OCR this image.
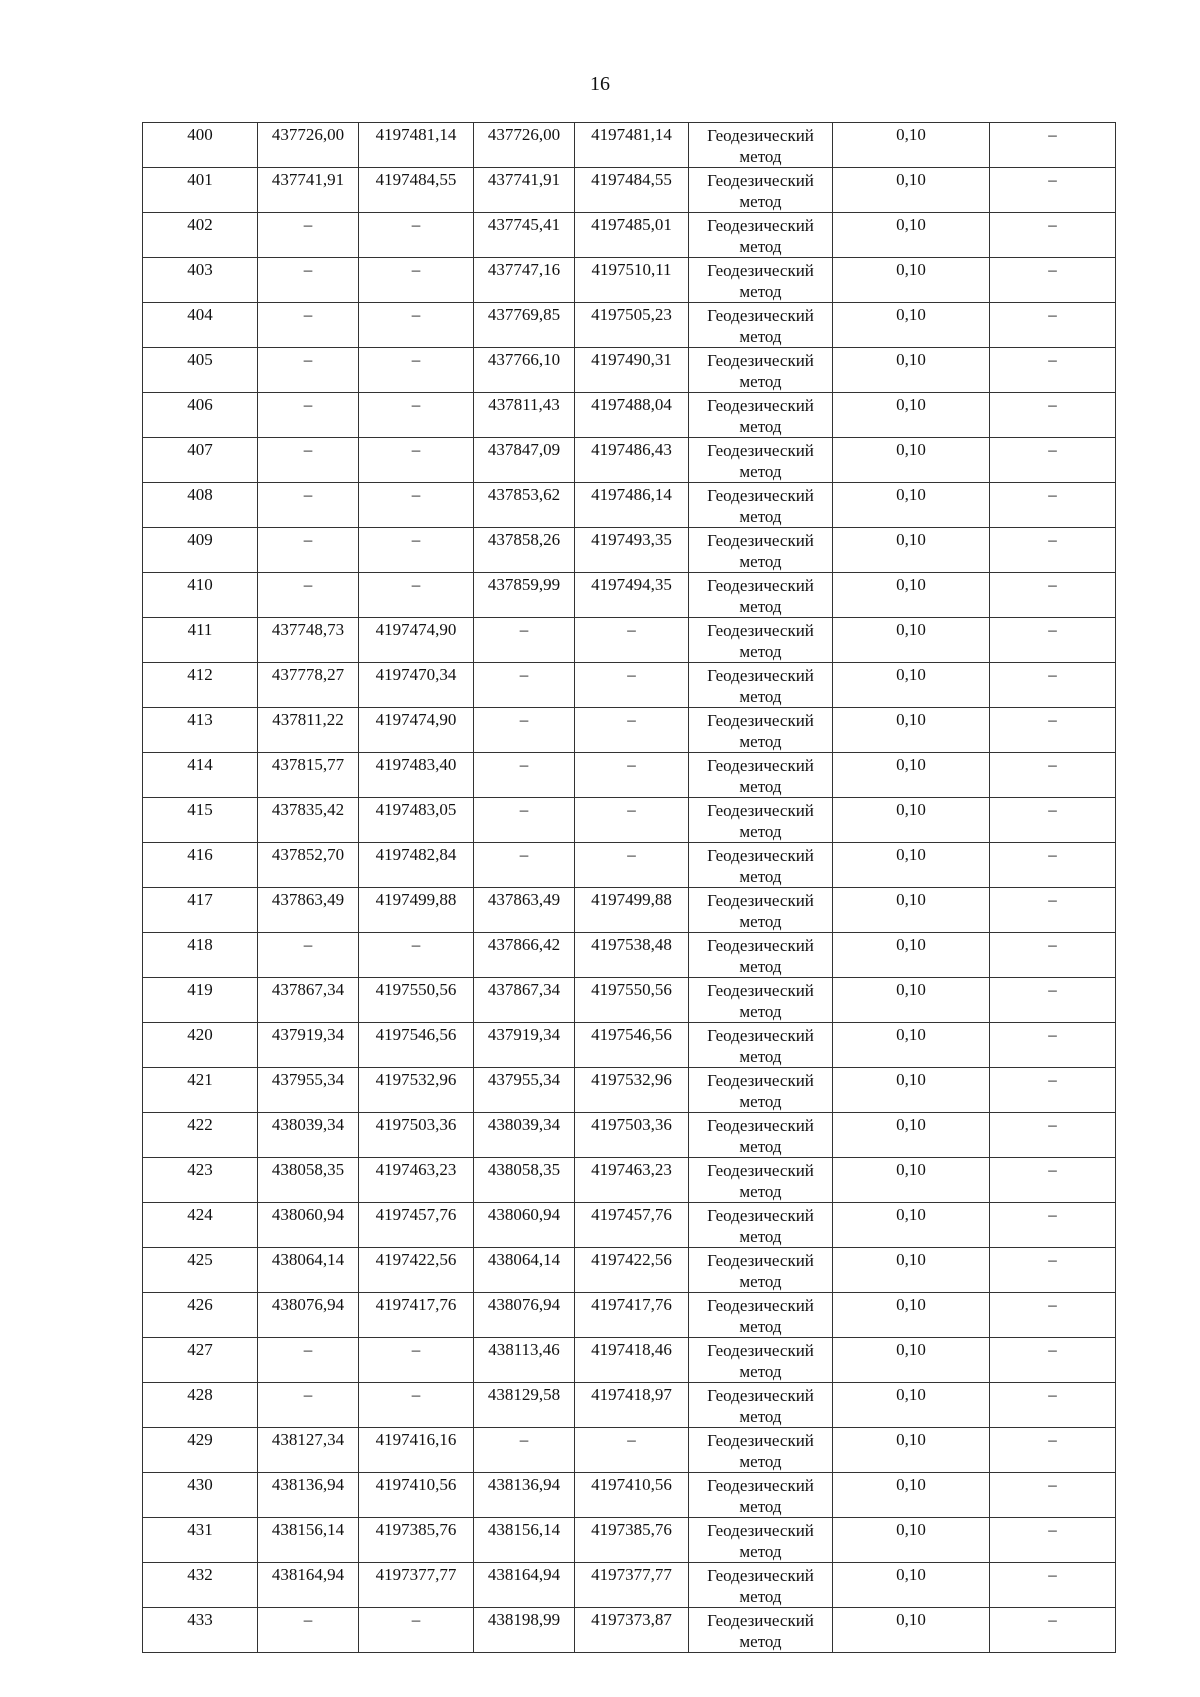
16
400	437726,00	4197481,14	437726,00	4197481,14	Геодезический метод	0,10	–
401	437741,91	4197484,55	437741,91	4197484,55	Геодезический метод	0,10	–
402	–	–	437745,41	4197485,01	Геодезический метод	0,10	–
403	–	–	437747,16	4197510,11	Геодезический метод	0,10	–
404	–	–	437769,85	4197505,23	Геодезический метод	0,10	–
405	–	–	437766,10	4197490,31	Геодезический метод	0,10	–
406	–	–	437811,43	4197488,04	Геодезический метод	0,10	–
407	–	–	437847,09	4197486,43	Геодезический метод	0,10	–
408	–	–	437853,62	4197486,14	Геодезический метод	0,10	–
409	–	–	437858,26	4197493,35	Геодезический метод	0,10	–
410	–	–	437859,99	4197494,35	Геодезический метод	0,10	–
411	437748,73	4197474,90	–	–	Геодезический метод	0,10	–
412	437778,27	4197470,34	–	–	Геодезический метод	0,10	–
413	437811,22	4197474,90	–	–	Геодезический метод	0,10	–
414	437815,77	4197483,40	–	–	Геодезический метод	0,10	–
415	437835,42	4197483,05	–	–	Геодезический метод	0,10	–
416	437852,70	4197482,84	–	–	Геодезический метод	0,10	–
417	437863,49	4197499,88	437863,49	4197499,88	Геодезический метод	0,10	–
418	–	–	437866,42	4197538,48	Геодезический метод	0,10	–
419	437867,34	4197550,56	437867,34	4197550,56	Геодезический метод	0,10	–
420	437919,34	4197546,56	437919,34	4197546,56	Геодезический метод	0,10	–
421	437955,34	4197532,96	437955,34	4197532,96	Геодезический метод	0,10	–
422	438039,34	4197503,36	438039,34	4197503,36	Геодезический метод	0,10	–
423	438058,35	4197463,23	438058,35	4197463,23	Геодезический метод	0,10	–
424	438060,94	4197457,76	438060,94	4197457,76	Геодезический метод	0,10	–
425	438064,14	4197422,56	438064,14	4197422,56	Геодезический метод	0,10	–
426	438076,94	4197417,76	438076,94	4197417,76	Геодезический метод	0,10	–
427	–	–	438113,46	4197418,46	Геодезический метод	0,10	–
428	–	–	438129,58	4197418,97	Геодезический метод	0,10	–
429	438127,34	4197416,16	–	–	Геодезический метод	0,10	–
430	438136,94	4197410,56	438136,94	4197410,56	Геодезический метод	0,10	–
431	438156,14	4197385,76	438156,14	4197385,76	Геодезический метод	0,10	–
432	438164,94	4197377,77	438164,94	4197377,77	Геодезический метод	0,10	–
433	–	–	438198,99	4197373,87	Геодезический метод	0,10	–
